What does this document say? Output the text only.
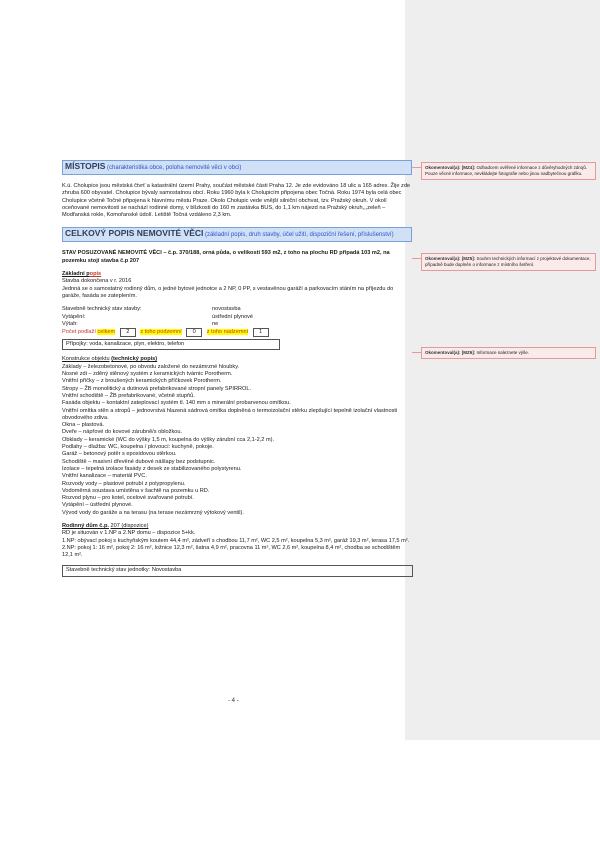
MÍSTOPIS (charakteristika obce, poloha nemovité věci v obci)

K.ú. Cholupice jsou městská čtvrť a katastrální území Prahy, součást městské části Praha 12. Je zde evidováno 18 ulic a 165 adres. Žije zde zhruba 600 obyvatel. Cholupice bývaly samostatnou obcí. Roku 1960 byla k Cholupicím připojena obec Točná. Roku 1974 byla celá obec Cholupice včetně Točné připojena k hlavnímu městu Praze. Okolo Cholupic vede vnější silniční obchvat, tzv. Pražský okruh. V okolí oceňované nemovitosti se nachází rodinné domy, v blízkosti do 160 m zastávka BUS, do 1,1 km nájezd na Pražský okruh,,,zeleň – Modřanská rokle, Komořanské údolí. Letiště Točná vzdáleno 2,3 km.

CELKOVÝ POPIS NEMOVITÉ VĚCI (základní popis, druh stavby, účel užití, dispoziční řešení, příslušenství)

STAV POSUZOVANÉ NEMOVITÉ VĚCI – č.p. 370/188, orná půda, o velikosti 593 m2, z toho na plochu RD připadá 103 m2, na pozemku stojí stavba č.p 207

Základní popis

Stavba dokončena v r. 2016

Jednná se o samostatný rodinný dům, o jedné bytové jednotce a 2 NP, 0 PP, s vestavěnou garáží a parkovacím stáním na příjezdu do garáže, fasáda se zateplením.

Stavebně technický stav stavby:	novostavba
Vytápění:	ústřední plynové
Výtah:	ne

Počet podlaží celkem 2 z toho podzemní 0 z toho nadzemní 1

Přípojky: voda, kanalizace, plyn, elektro, telefon

Konstrukce objektu (technický popis)

Základy – železobetonové, po obvodu založené do nezámrzné hloubky.

Nosné zdi – zděný stěnový systém z keramických tvárnic Porotherm.

Vnitřní příčky – z broušených keramických příčkovek Porotherm.

Stropy – ŽB monolitický a dutinová prefabrikované stropní panely SPIRROL.

Vnitřní schodiště – ŽB prefabrikované, včetně stupňů.

Fasáda objektu – kontaktní zateplovací systém tl. 140 mm s minerální probarvenou omítkou.

Vnitřní omítka stěn a stropů – jednovrstvá hlazená sádrová omítka doplněná o termoizolační stěrku zlepšující tepelně izolační vlastnosti obvodového zdiva.

Okna – plastová.

Dveře – nápřové do kovové zárubně/s obložkou.

Obklady – keramické (WC do výšky 1,5 m, koupelna do výšky zárubní cca 2,1-2,2 m).

Podlahy – dlažba: WC, koupelna / plovoucí: kuchyně, pokoje.

Garáž – betonový potěr s epoxidovou stěrkou.

Schodiště – masivní dřevěné dubové nášlapy bez podstupnic.

Izolace – tepelná izolace fasády z desek ze stabilizovaného polystyrenu.

Vnitřní kanalizace – materiál PVC.

Rozvody vody – plastové potrubí z polypropylenu.

Vodoměrná soustava umístěna v šachtě na pozemku u RD.

Rozvod plynu – pro kotel, ocelové svařované potrubí.

Vytápění – ústřední plynové.

Vývod vody do garáže a na terasu (na terase nezámrzný výtokový ventil).

Rodinný dům č.p. 207 (dispozice)

RD je situován v 1.NP a 2.NP domu – dispozice 5+kk.

1.NP: obývací pokoj s kuchyňským koutem 44,4 m², zádveří s chodbou 11,7 m², WC 2,5 m², koupelna 5,3 m², garáž 19,3 m², terasa 17,5 m².

2.NP: pokoj 1: 16 m², pokoj 2: 16 m², ložnice 12,3 m², šatna 4,9 m², pracovna 11 m², WC 2,6 m², koupelna 8,4 m², chodba se schodištěm 12,1 m².

Stavebně technický stav jednotky: Novostavba
- 4 -
Okomentoval(a): [MZ4]: Odhadcem ověřené informace z důvěryhodných zdrojů. Pouze věcné informace, nevkládejte fotografie nebo jinou nadbytečnou grafiku.
Okomentoval(a): [MZ5]: Souhrn technických informací z projektové dokumentace, případně bude doplněn o informace z místního šetření.
Okomentoval(a): [MZ6]: Informace naleznete výše.
